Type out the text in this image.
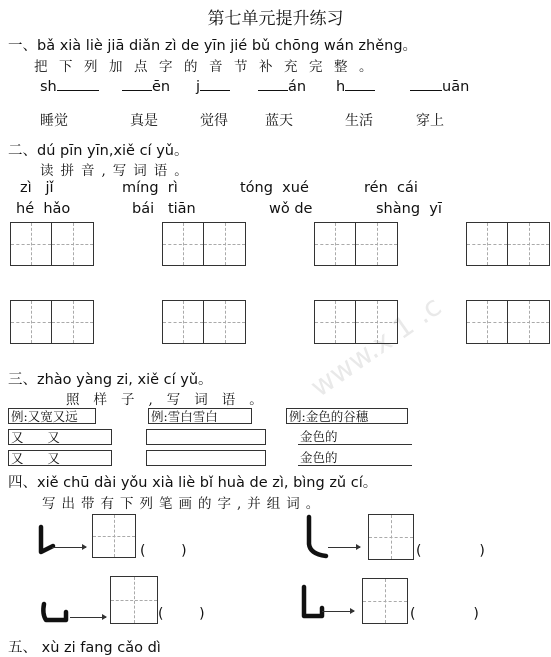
www.x 1 .c
第七单元提升练习
一、bǎ xià liè jiā diǎn zì de yīn jié bǔ chōng wán zhěng。
把下列加点字的音节补充完整。
sh	ēn j	án h	uān
睡觉	真是	觉得	蓝天	生活	穿上
二、dú pīn yīn,xiě cí yǔ。
读拼音,写词语。
zì   jǐ	míng  rì	tóng  xué	rén  cái
hé  hǎo	bái   tiān	wǒ de	shàng  yī
三、zhào yàng zi, xiě cí yǔ。
照样子,写词语。
例:又宽又远	例:雪白雪白	例:金色的谷穗
又      又	金色的
又      又	金色的
四、xiě chū dài yǒu xià liè bǐ huà de zì, bìng zǔ cí。
写出带有下列笔画的字,并组词。
(        )	(             )
(        )	(             )
五、 xù zi fang cǎo dì
